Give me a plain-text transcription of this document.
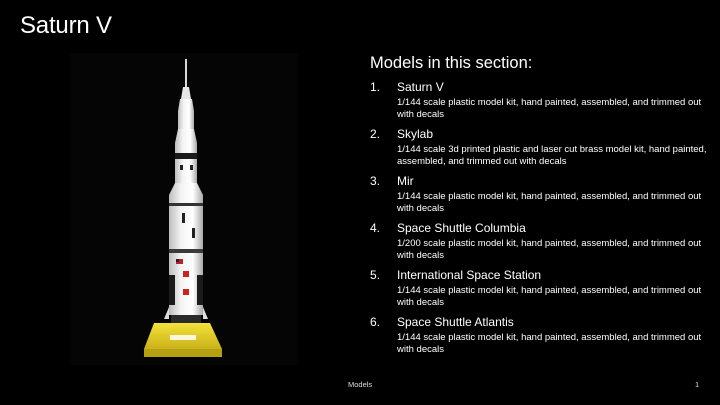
Saturn V
Models in this section:
1. Saturn V
1/144 scale plastic model kit, hand painted, assembled, and trimmed out with decals
2. Skylab
1/144 scale 3d printed plastic and laser cut brass model kit, hand painted, assembled, and trimmed out with decals
3. Mir
1/144 scale plastic model kit, hand painted, assembled, and trimmed out with decals
4. Space Shuttle Columbia
1/200 scale plastic model kit, hand painted, assembled, and trimmed out with decals
5. International Space Station
1/144 scale plastic model kit, hand painted, assembled, and trimmed out with decals
6. Space Shuttle Atlantis
1/144 scale plastic model kit, hand painted, assembled, and trimmed out with decals
Models	1
